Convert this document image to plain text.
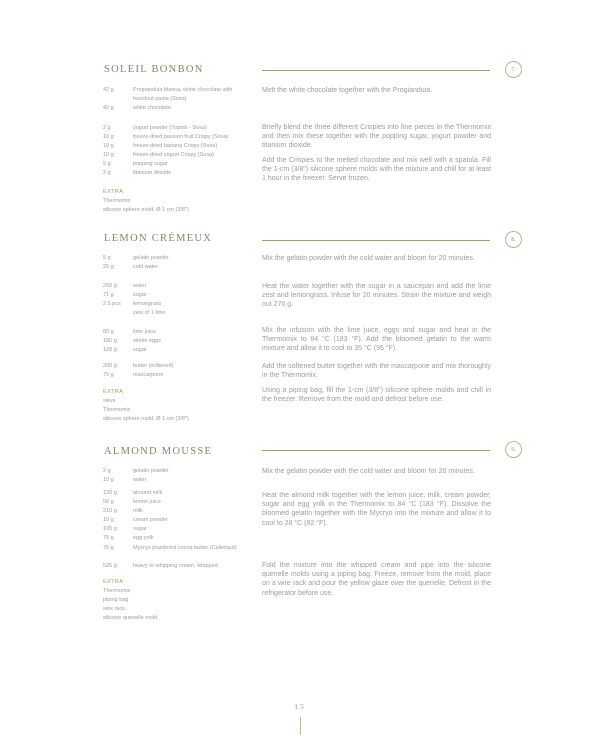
SOLEIL BONBON	7.
42 g	Progianduia blanca, white chocolate with hazelnut paste (Sosa)
42 g	white chocolate
2 g	yogurt powder (Yopols - Sosa)
10 g	freeze-dried passion fruit Crispy (Sosa)
10 g	freeze-dried banana Crispy (Sosa)
10 g	freeze-dried yogurt Crispy (Sosa)
5 g	popping sugar
2 g	titanium dioxide
EXTRA
Thermomix
silicone sphere mold, Ø 1 cm (3/8")

Melt the white chocolate together with the Progianduia.

Briefly blend the three different Crispies into fine pieces in the Thermomix and then mix these together with the popping sugar, yogurt powder and titanium dioxide.

Add the Crispies to the melted chocolate and mix well with a spatula. Fill the 1-cm (3/8") silicone sphere molds with the mixture and chill for at least 1 hour in the freezer. Serve frozen.

LEMON CRÉMEUX	8.
5 g	gelatin powder
25 g	cold water
250 g	water
71 g	sugar
2.5 pcs	lemongrass
zest of 1 lime
80 g	lime juice
186 g	whole eggs
128 g	sugar
200 g	butter (softened)
75 g	mascarpone
EXTRA
sieve
Thermomix
silicone sphere mold, Ø 1 cm (3/8")

Mix the gelatin powder with the cold water and bloom for 20 minutes.

Heat the water together with the sugar in a saucepan and add the lime zest and lemongrass. Infuse for 20 minutes. Strain the mixture and weigh out 270 g.

Mix the infusion with the lime juice, eggs and sugar and heat in the Thermomix to 84 °C (183 °F). Add the bloomed gelatin to the warm mixture and allow it to cool to 35 °C (95 °F).

Add the softened butter together with the mascarpone and mix thoroughly in the Thermomix.

Using a piping bag, fill the 1-cm (3/8") silicone sphere molds and chill in the freezer. Remove from the mold and defrost before use.

ALMOND MOUSSE	9.
2 g	gelatin powder
10 g	water
120 g	almond milk
56 g	lemon juice
210 g	milk
10 g	cream powder
105 g	sugar
75 g	egg yolk
75 g	Mycryo powdered cocoa butter (Callebaut)
525 g	heavy or whipping cream, whipped
EXTRA
Thermomix
piping bag
wire rack
silicone quenelle mold

Mix the gelatin powder with the cold water and bloom for 20 minutes.

Heat the almond milk together with the lemon juice, milk, cream powder, sugar and egg yolk in the Thermomix to 84 °C (183 °F). Dissolve the bloomed gelatin together with the Mycryo into the mixture and allow it to cool to 28 °C (82 °F).

Fold the mixture into the whipped cream and pipe into the silicone quenelle molds using a piping bag. Freeze, remove from the mold, place on a wire rack and pour the yellow glaze over the quenelle. Defrost in the refrigerator before use.

15
